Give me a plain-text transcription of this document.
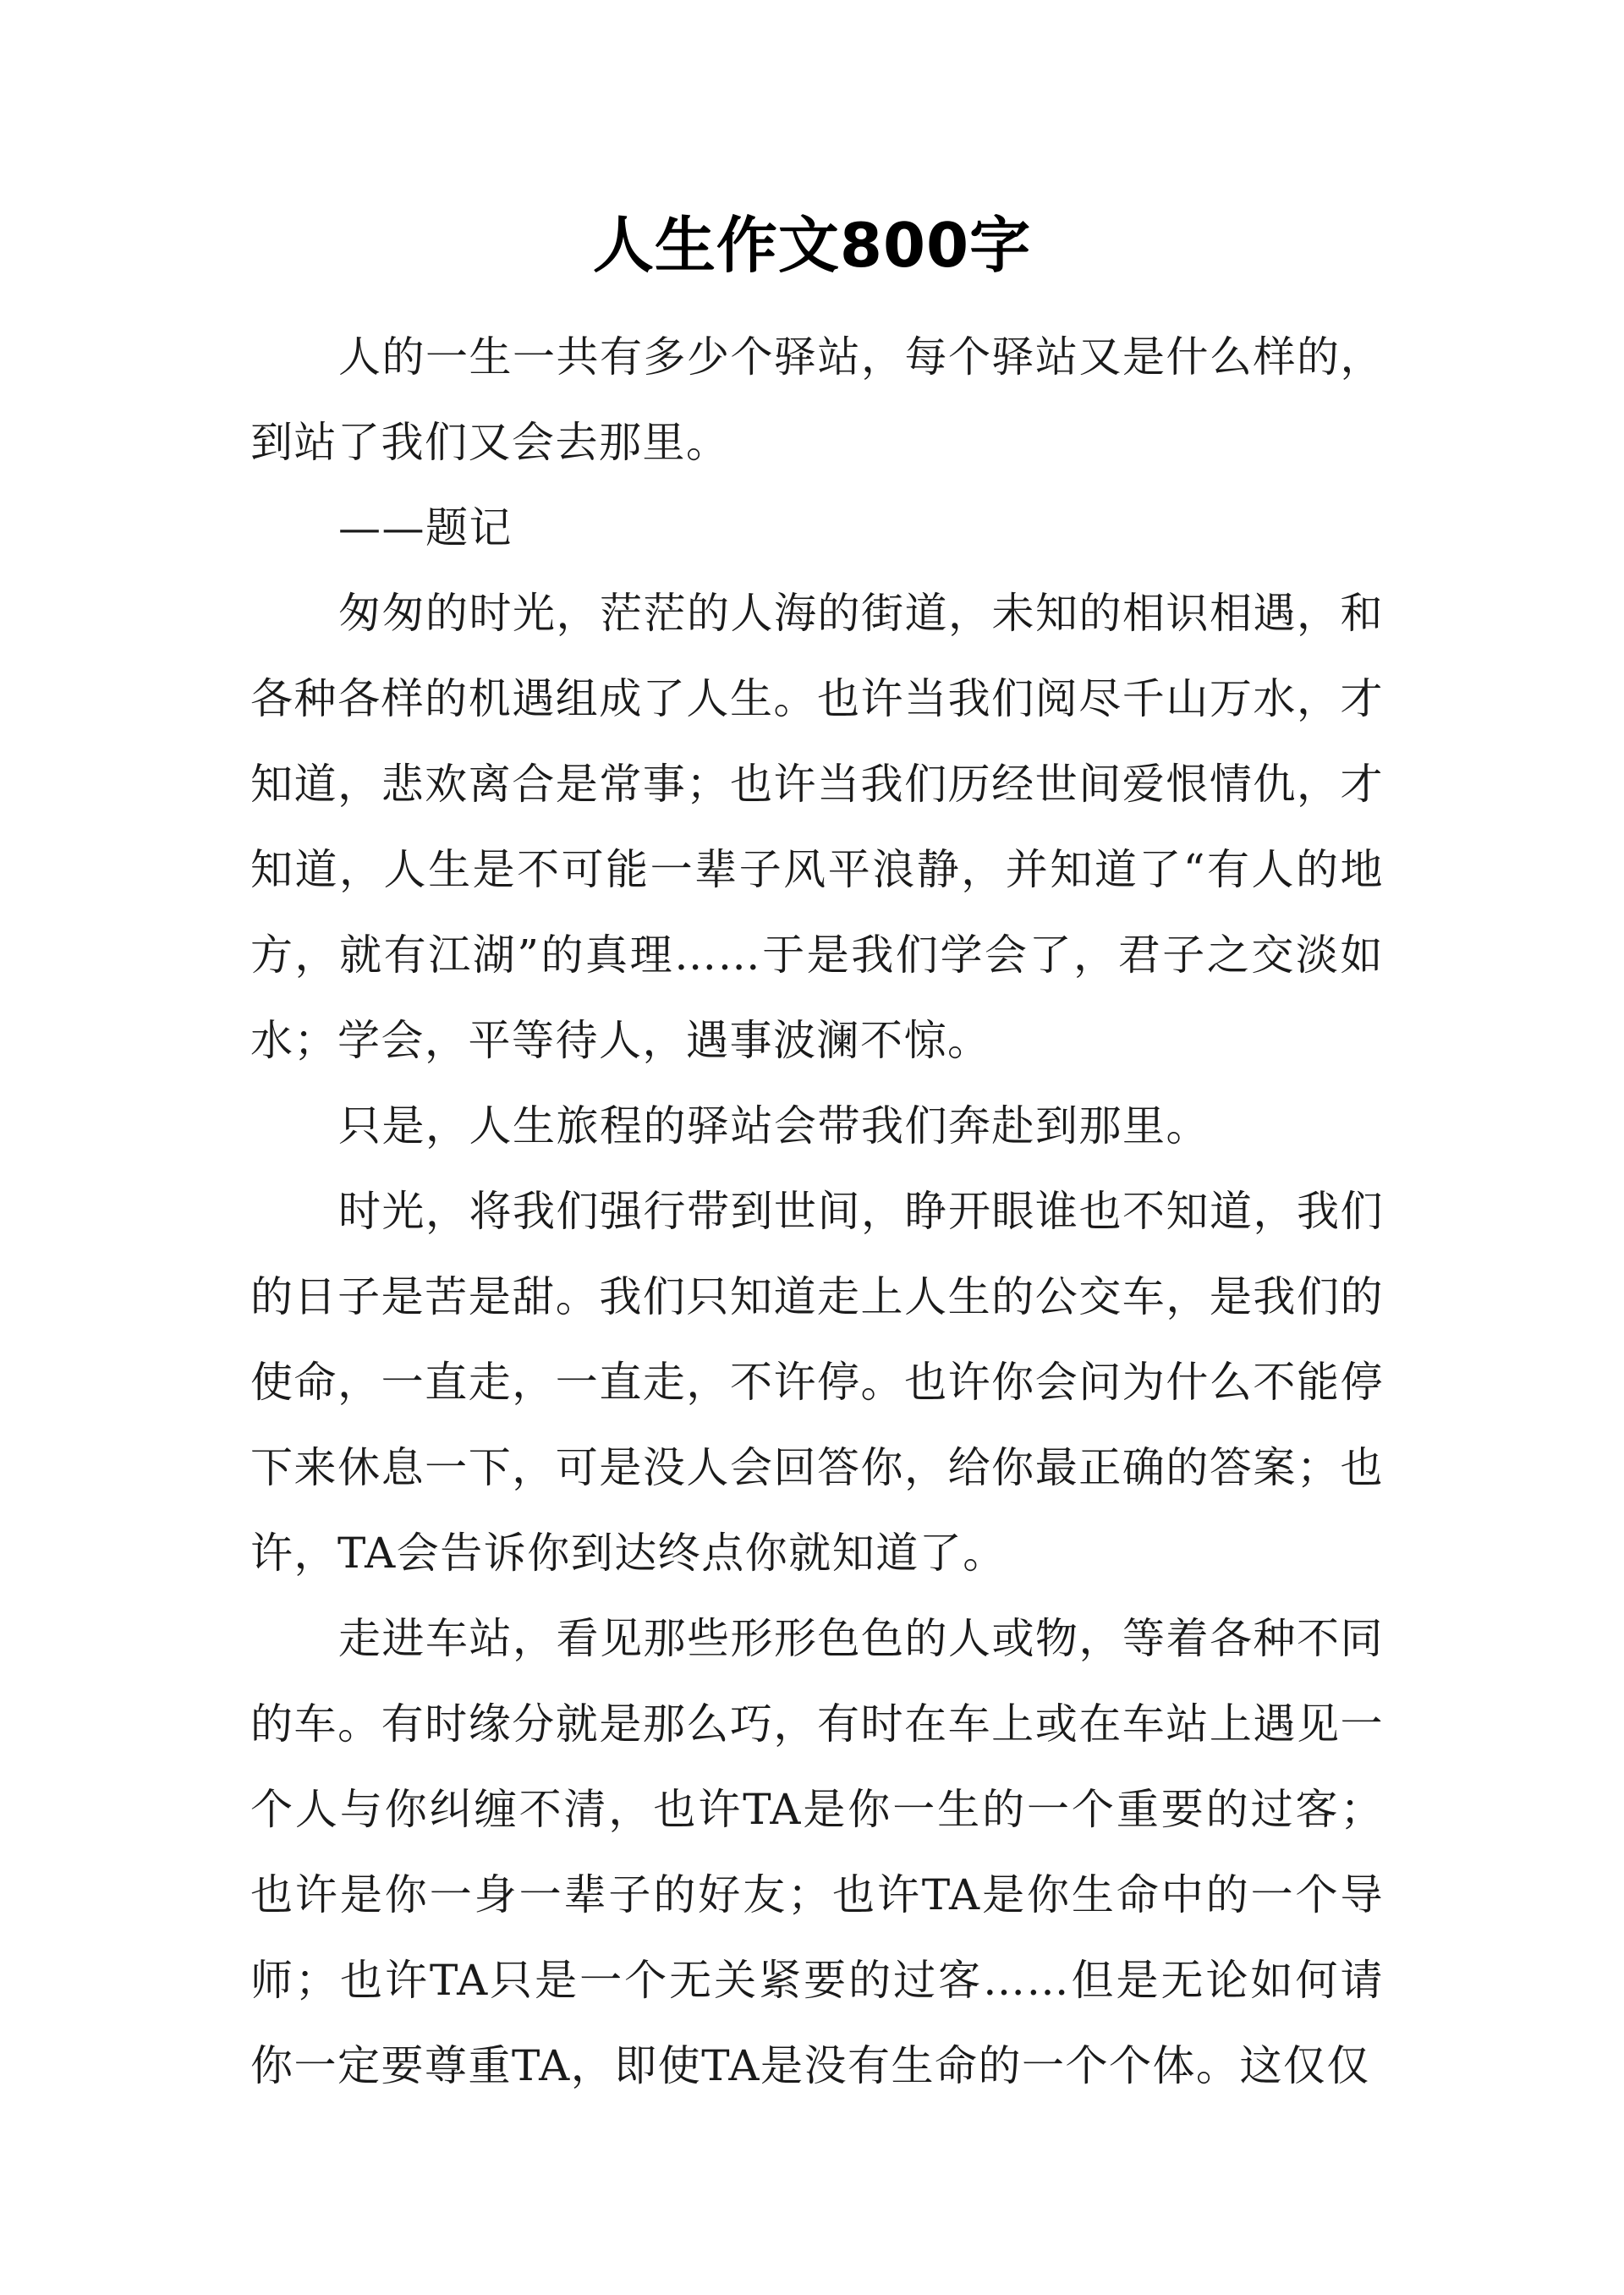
人生作文800字

人的一生一共有多少个驿站，每个驿站又是什么样的，到站了我们又会去那里。

——题记

匆匆的时光，茫茫的人海的街道，未知的相识相遇，和各种各样的机遇组成了人生。也许当我们阅尽千山万水，才知道，悲欢离合是常事；也许当我们历经世间爱恨情仇，才知道，人生是不可能一辈子风平浪静，并知道了“有人的地方，就有江湖”的真理……于是我们学会了，君子之交淡如水；学会，平等待人，遇事波澜不惊。

只是，人生旅程的驿站会带我们奔赴到那里。

时光，将我们强行带到世间，睁开眼谁也不知道，我们的日子是苦是甜。我们只知道走上人生的公交车，是我们的使命，一直走，一直走，不许停。也许你会问为什么不能停下来休息一下，可是没人会回答你，给你最正确的答案；也许，TA会告诉你到达终点你就知道了。

走进车站，看见那些形形色色的人或物，等着各种不同的车。有时缘分就是那么巧，有时在车上或在车站上遇见一个人与你纠缠不清，也许TA是你一生的一个重要的过客；也许是你一身一辈子的好友；也许TA是你生命中的一个导师；也许TA只是一个无关紧要的过客……但是无论如何请你一定要尊重TA，即使TA是没有生命的一个个体。这仅仅
